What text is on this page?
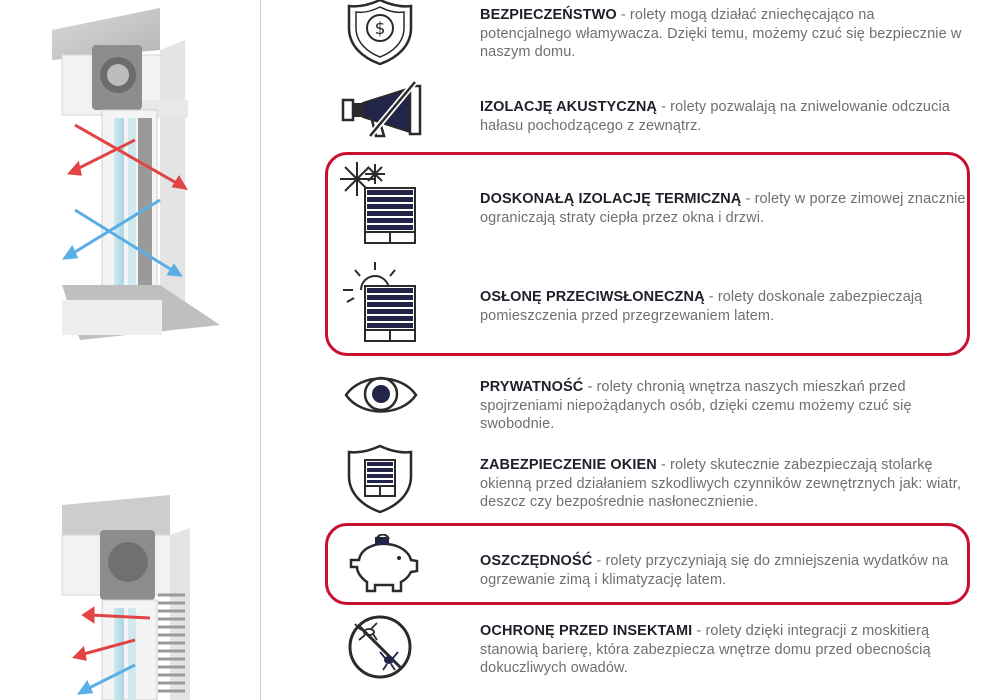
$
BEZPIECZEŃSTWO - rolety mogą działać zniechęcająco na potencjalnego włamywacza. Dzięki temu, możemy czuć się bezpiecznie w naszym domu.
IZOLACJĘ AKUSTYCZNĄ - rolety pozwalają na zniwelowanie odczucia hałasu pochodzącego z zewnątrz.
DOSKONAŁĄ IZOLACJĘ TERMICZNĄ - rolety w porze zimowej znacznie ograniczają straty ciepła przez okna i drzwi.
OSŁONĘ PRZECIWSŁONECZNĄ - rolety doskonale zabezpieczają pomieszczenia przed przegrzewaniem latem.
PRYWATNOŚĆ - rolety chronią wnętrza naszych mieszkań przed spojrzeniami niepożądanych osób, dzięki czemu możemy czuć się swobodnie.
ZABEZPIECZENIE OKIEN - rolety skutecznie zabezpieczają stolarkę okienną przed działaniem szkodliwych czynników zewnętrznych jak: wiatr, deszcz czy bezpośrednie nasłonecznienie.
OSZCZĘDNOŚĆ - rolety przyczyniają się do zmniejszenia wydatków na ogrzewanie zimą i klimatyzację latem.
OCHRONĘ PRZED INSEKTAMI - rolety dzięki integracji z moskitierą stanowią barierę, która zabezpiecza wnętrze domu przed obecnością dokuczliwych owadów.
